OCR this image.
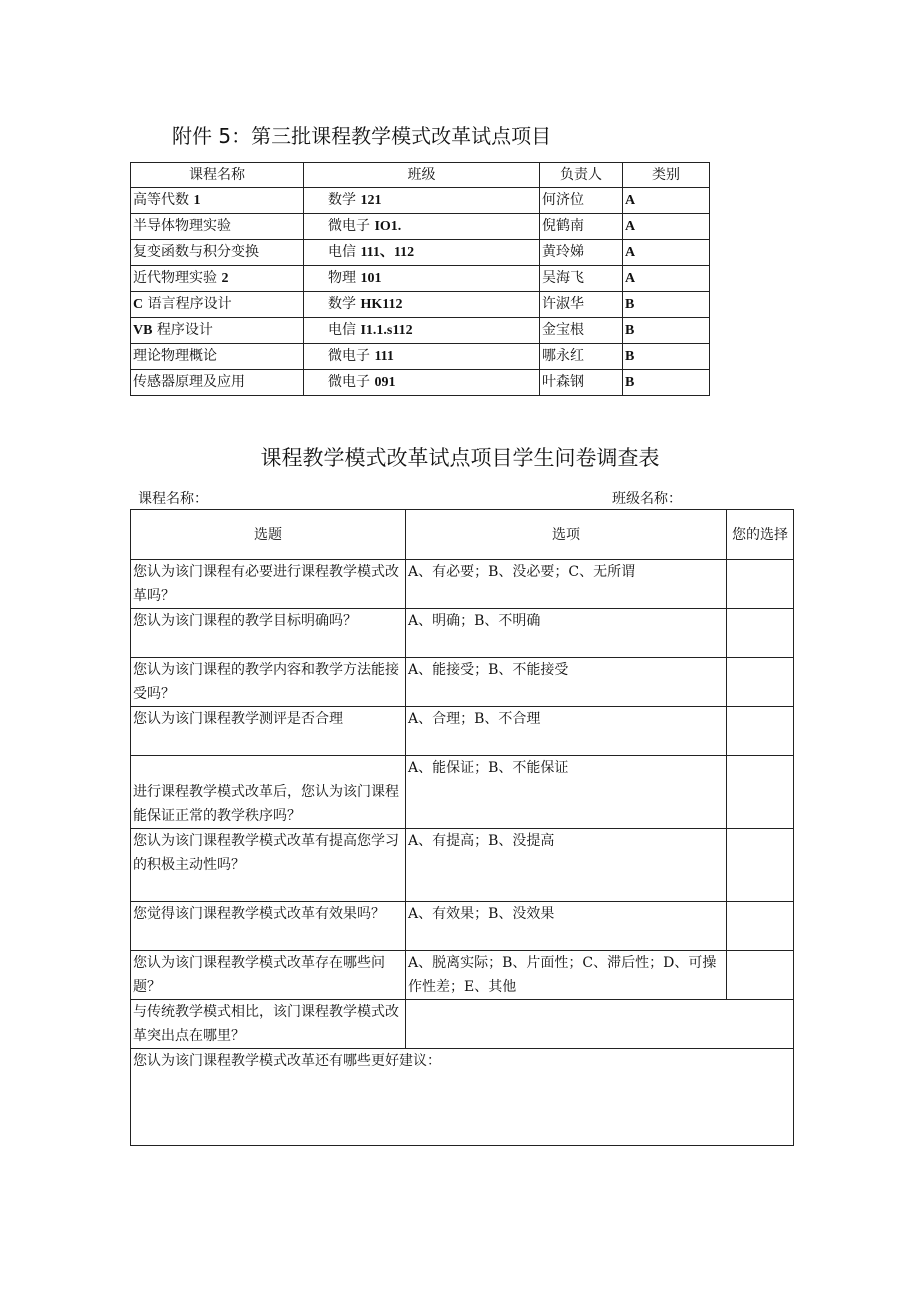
附件 5：第三批课程教学模式改革试点项目
课程名称	班级	负责人	类别
高等代数 1	数学 121	何济位	A
半导体物理实验	微电子 IO1.	倪鹤南	A
复变函数与积分变换	电信 111、112	黄玲娣	A
近代物理实验 2	物理 101	吴海飞	A
C 语言程序设计	数学 HK112	许淑华	B
VB 程序设计	电信 I1.1.s112	金宝根	B
理论物理概论	微电子 111	哪永红	B
传感器原理及应用	微电子 091	叶森钢	B
课程教学模式改革试点项目学生问卷调查表
课程名称：	班级名称：
选题	选项	您的选择
您认为该门课程有必要进行课程教学模式改革吗？	A、有必要；B、没必要；C、无所谓	
您认为该门课程的教学目标明确吗？	A、明确；B、不明确	
您认为该门课程的教学内容和教学方法能接受吗？	A、能接受；B、不能接受	
您认为该门课程教学测评是否合理	A、合理；B、不合理	

进行课程教学模式改革后，您认为该门课程能保证正常的教学秩序吗？	A、能保证；B、不能保证	
您认为该门课程教学模式改革有提高您学习的积极主动性吗？	A、有提高；B、没提高	
您觉得该门课程教学模式改革有效果吗？	A、有效果；B、没效果	
您认为该门课程教学模式改革存在哪些问题？	A、脱离实际；B、片面性；C、滞后性；D、可操作性差；E、其他	
与传统教学模式相比，该门课程教学模式改革突出点在哪里？		
您认为该门课程教学模式改革还有哪些更好建议：		
